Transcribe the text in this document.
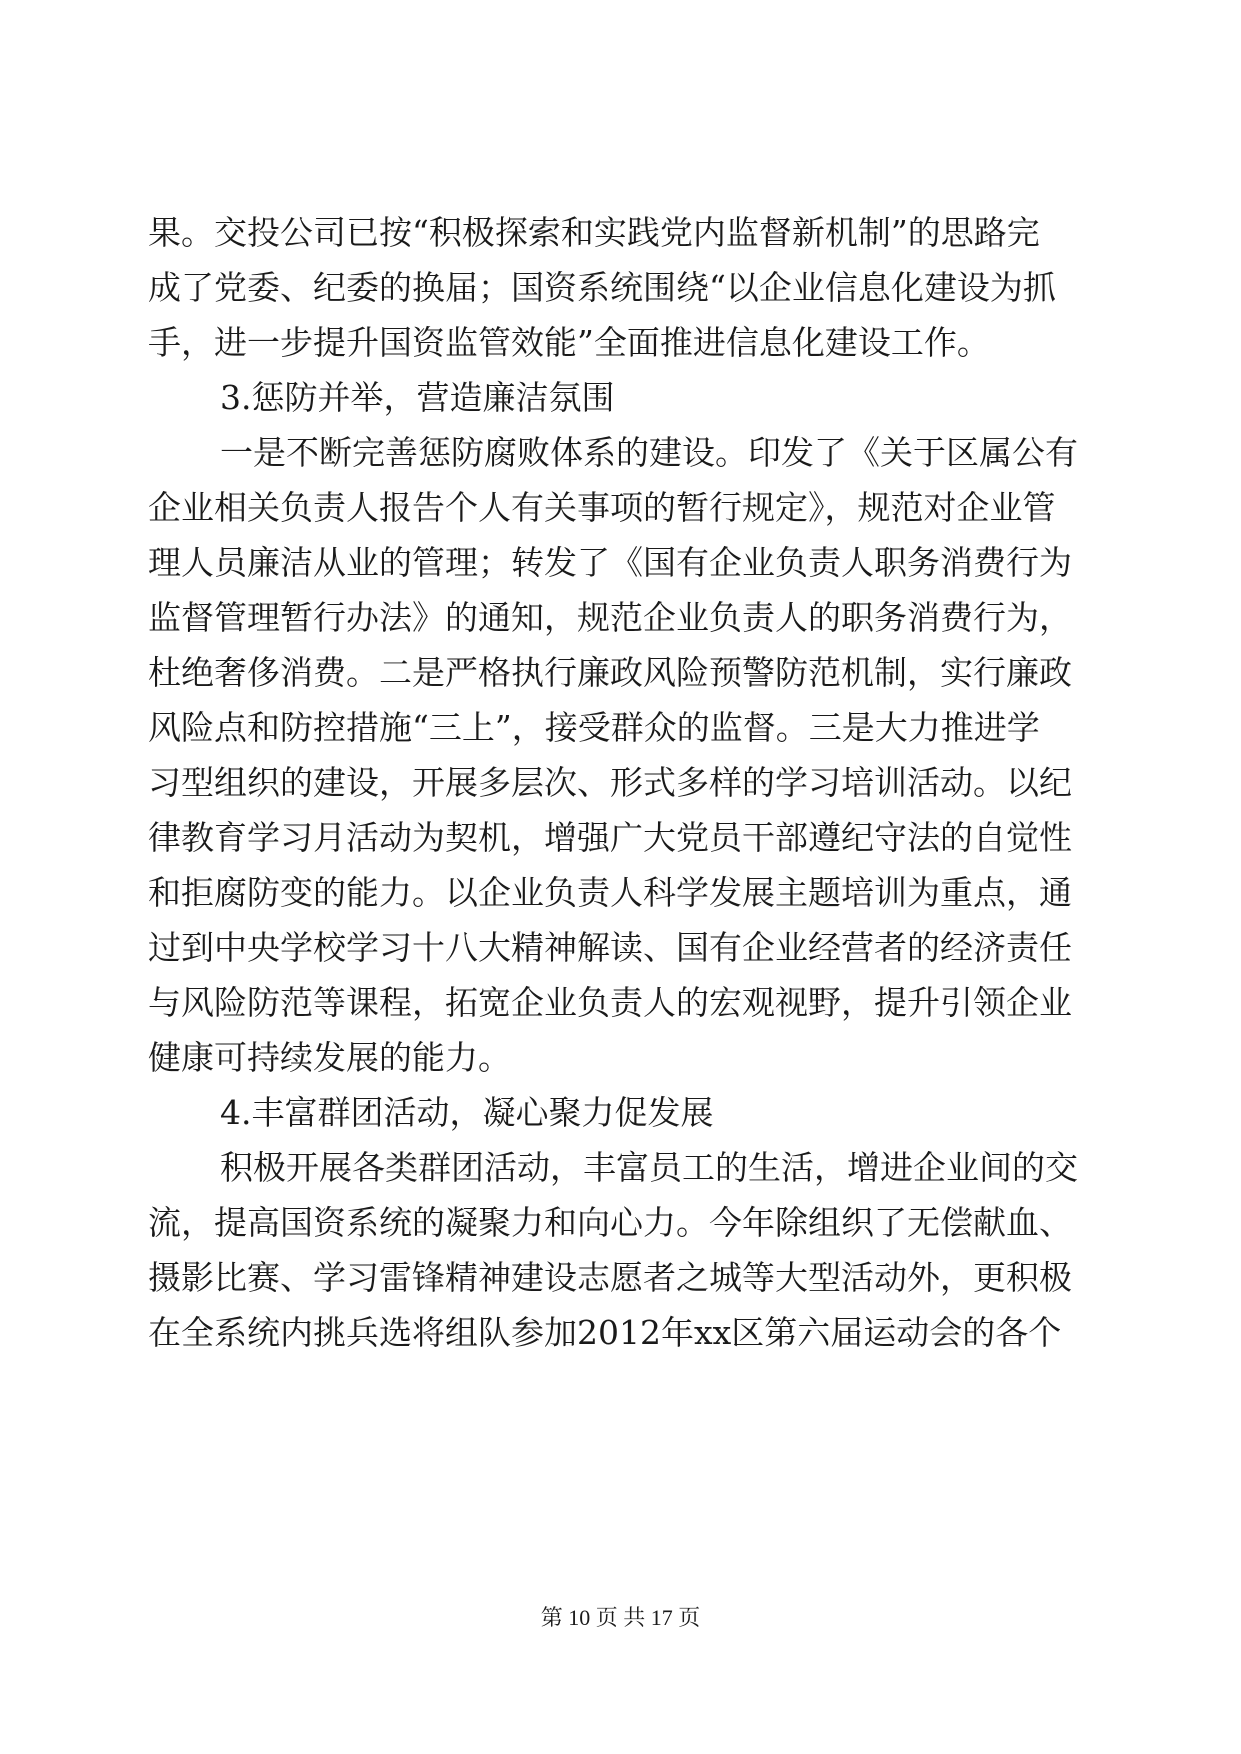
果。交投公司已按“积极探索和实践党内监督新机制”的思路完
成了党委、纪委的换届；国资系统围绕“以企业信息化建设为抓
手，进一步提升国资监管效能”全面推进信息化建设工作。
3.惩防并举，营造廉洁氛围
一是不断完善惩防腐败体系的建设。印发了《关于区属公有
企业相关负责人报告个人有关事项的暂行规定》，规范对企业管
理人员廉洁从业的管理；转发了《国有企业负责人职务消费行为
监督管理暂行办法》的通知，规范企业负责人的职务消费行为，
杜绝奢侈消费。二是严格执行廉政风险预警防范机制，实行廉政
风险点和防控措施“三上”，接受群众的监督。三是大力推进学
习型组织的建设，开展多层次、形式多样的学习培训活动。以纪
律教育学习月活动为契机，增强广大党员干部遵纪守法的自觉性
和拒腐防变的能力。以企业负责人科学发展主题培训为重点，通
过到中央学校学习十八大精神解读、国有企业经营者的经济责任
与风险防范等课程，拓宽企业负责人的宏观视野，提升引领企业
健康可持续发展的能力。
4.丰富群团活动，凝心聚力促发展
积极开展各类群团活动，丰富员工的生活，增进企业间的交
流，提高国资系统的凝聚力和向心力。今年除组织了无偿献血、
摄影比赛、学习雷锋精神建设志愿者之城等大型活动外，更积极
在全系统内挑兵选将组队参加2012年xx区第六届运动会的各个
第 10 页 共 17 页
